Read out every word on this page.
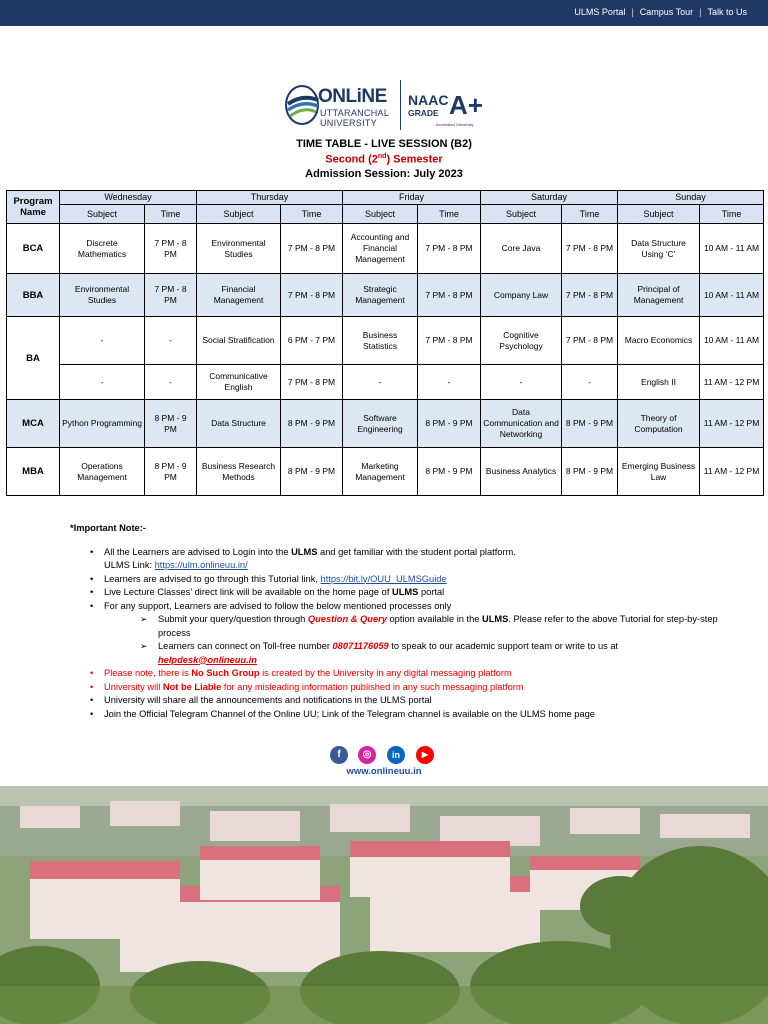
ULMS Portal | Campus Tour | Talk to Us
ONLiNE
UTTARANCHAL
UNIVERSITY
NAAC
GRADE A+
Accredited University
TIME TABLE - LIVE SESSION (B2)
Second (2nd) Semester
Admission Session: July 2023
Program Name	Wednesday		Thursday		Friday		Saturday		Sunday	
	Subject	Time	Subject	Time	Subject	Time	Subject	Time	Subject	Time
BCA	Discrete Mathematics	7 PM - 8 PM	Environmental Studies	7 PM - 8 PM	Accounting and Financial Management	7 PM - 8 PM	Core Java	7 PM - 8 PM	Data Structure Using ‘C’	10 AM - 11 AM
BBA	Environmental Studies	7 PM - 8 PM	Financial Management	7 PM - 8 PM	Strategic Management	7 PM - 8 PM	Company Law	7 PM - 8 PM	Principal of Management	10 AM - 11 AM
BA	-	-	Social Stratification	6 PM - 7 PM	Business Statistics	7 PM - 8 PM	Cognitive Psychology	7 PM - 8 PM	Macro Economics	10 AM - 11 AM
	-	-	Communicative English	7 PM - 8 PM	-	-	-	-	English II	11 AM - 12 PM
MCA	Python Programming	8 PM - 9 PM	Data Structure	8 PM - 9 PM	Software Engineering	8 PM - 9 PM	Data Communication and Networking	8 PM - 9 PM	Theory of Computation	11 AM - 12 PM
MBA	Operations Management	8 PM - 9 PM	Business Research Methods	8 PM - 9 PM	Marketing Management	8 PM - 9 PM	Business Analytics	8 PM - 9 PM	Emerging Business Law	11 AM - 12 PM
*Important Note:-
• All the Learners are advised to Login into the ULMS and get familiar with the student portal platform.
ULMS Link: https://ulm.onlineuu.in/
• Learners are advised to go through this Tutorial link, https://bit.ly/OUU_ULMSGuide
• Live Lecture Classes’ direct link will be available on the home page of ULMS portal
• For any support, Learners are advised to follow the below mentioned processes only
➢ Submit your query/question through Question & Query option available in the ULMS. Please refer to the above Tutorial for step-by-step process
➢ Learners can connect on Toll-free number 08071176059 to speak to our academic support team or write to us at
helpdesk@onlineuu.in
• Please note, there is No Such Group is created by the University in any digital messaging platform
• University will Not be Liable for any misleading information published in any such messaging platform
• University will share all the announcements and notifications in the ULMS portal
• Join the Official Telegram Channel of the Online UU; Link of the Telegram channel is available on the ULMS home page
f	◎	in	▶
www.onlineuu.in
